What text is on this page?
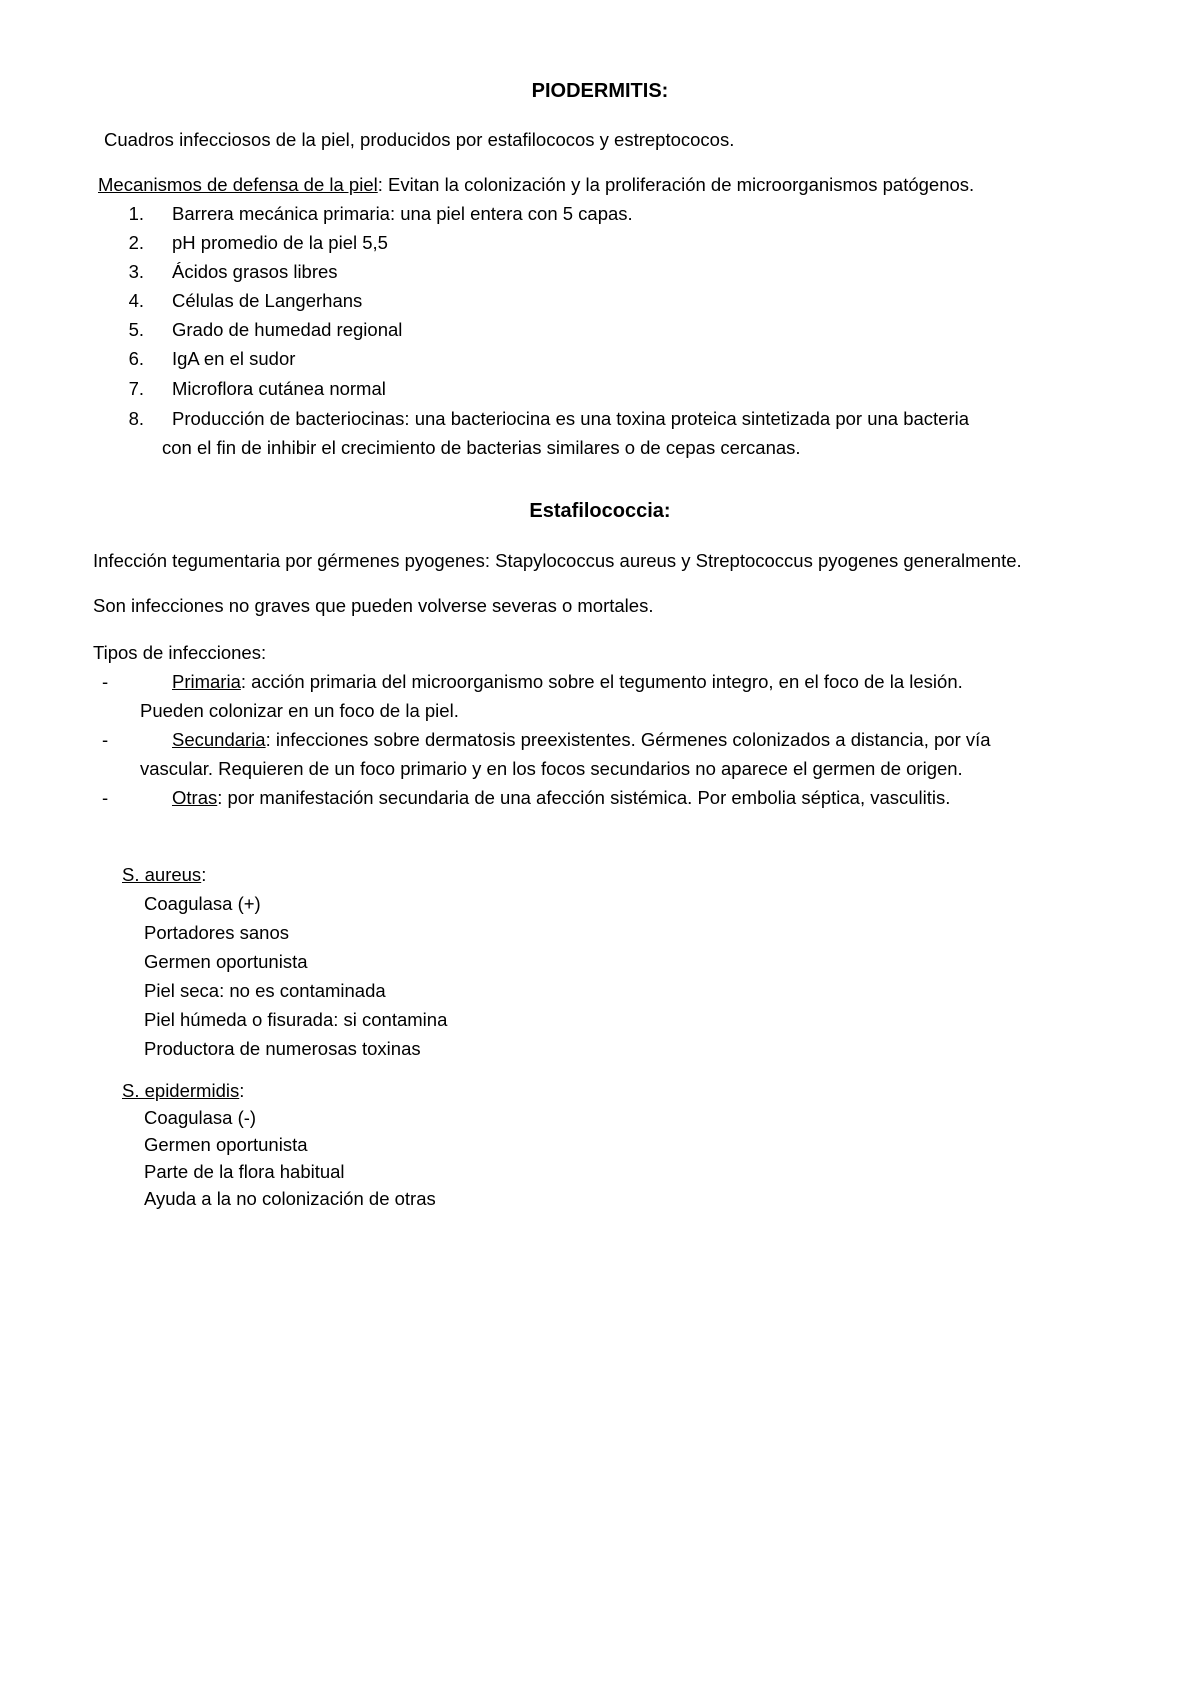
PIODERMITIS:
Cuadros infecciosos de la piel, producidos por estafilococos y estreptococos.
Mecanismos de defensa de la piel: Evitan la colonización y la proliferación de microorganismos patógenos.
1. Barrera mecánica primaria: una piel entera con 5 capas.
2. pH promedio de la piel 5,5
3. Ácidos grasos libres
4. Células de Langerhans
5. Grado de humedad regional
6. IgA en el sudor
7. Microflora cutánea normal
8. Producción de bacteriocinas: una bacteriocina es una toxina proteica sintetizada por una bacteria
con el fin de inhibir el crecimiento de bacterias similares o de cepas cercanas.
Estafilococcia:
Infección tegumentaria por gérmenes pyogenes: Stapylococcus aureus y Streptococcus pyogenes generalmente.
Son infecciones no graves que pueden volverse severas o mortales.
Tipos de infecciones:
-	Primaria: acción primaria del microorganismo sobre el tegumento integro, en el foco de la lesión.
Pueden colonizar en un foco de la piel.
-	Secundaria: infecciones sobre dermatosis preexistentes. Gérmenes colonizados a distancia, por vía
vascular. Requieren de un foco primario y en los focos secundarios no aparece el germen de origen.
-	Otras: por manifestación secundaria de una afección sistémica. Por embolia séptica, vasculitis.
S. aureus:
Coagulasa (+)
Portadores sanos
Germen oportunista
Piel seca: no es contaminada
Piel húmeda o fisurada: si contamina
Productora de numerosas toxinas
S. epidermidis:
Coagulasa (-)
Germen oportunista
Parte de la flora habitual
Ayuda a la no colonización de otras
